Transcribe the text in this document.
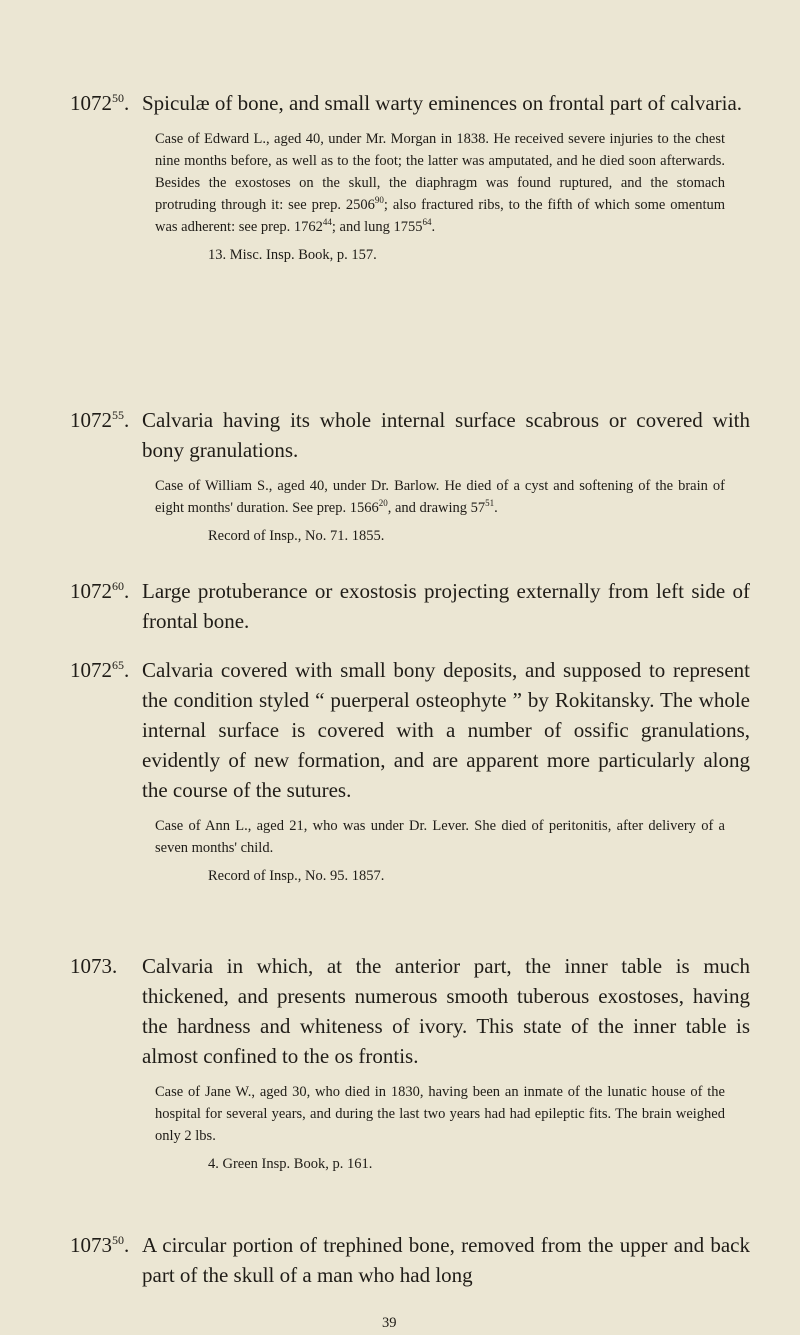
1072$^{50}$. Spiculæ of bone, and small warty eminences on frontal part of calvaria.
Case of Edward L., aged 40, under Mr. Morgan in 1838. He received severe injuries to the chest nine months before, as well as to the foot; the latter was amputated, and he died soon afterwards. Besides the exostoses on the skull, the diaphragm was found ruptured, and the stomach protruding through it: see prep. 2506$^{90}$; also fractured ribs, to the fifth of which some omentum was adherent: see prep. 1762$^{44}$; and lung 1755$^{64}$.
13. Misc. Insp. Book, p. 157.
1072$^{55}$. Calvaria having its whole internal surface scabrous or covered with bony granulations.
Case of William S., aged 40, under Dr. Barlow. He died of a cyst and softening of the brain of eight months' duration. See prep. 1566$^{20}$, and drawing $57^{51}$.
Record of Insp., No. 71. 1855.
1072$^{60}$. Large protuberance or exostosis projecting externally from left side of frontal bone.
1072$^{65}$. Calvaria covered with small bony deposits, and supposed to represent the condition styled “ puerperal osteophyte ” by Rokitansky. The whole internal surface is covered with a number of ossific granulations, evidently of new formation, and are apparent more particularly along the course of the sutures.
Case of Ann L., aged 21, who was under Dr. Lever. She died of peritonitis, after delivery of a seven months' child.
Record of Insp., No. 95. 1857.
1073.	Calvaria in which, at the anterior part, the inner table is much thickened, and presents numerous smooth tuberous exostoses, having the hardness and whiteness of ivory. This state of the inner table is almost confined to the os frontis.
Case of Jane W., aged 30, who died in 1830, having been an inmate of the lunatic house of the hospital for several years, and during the last two years had had epileptic fits. The brain weighed only 2 lbs.
4. Green Insp. Book, p. 161.
1073$^{50}$. A circular portion of trephined bone, removed from the upper and back part of the skull of a man who had long
39
